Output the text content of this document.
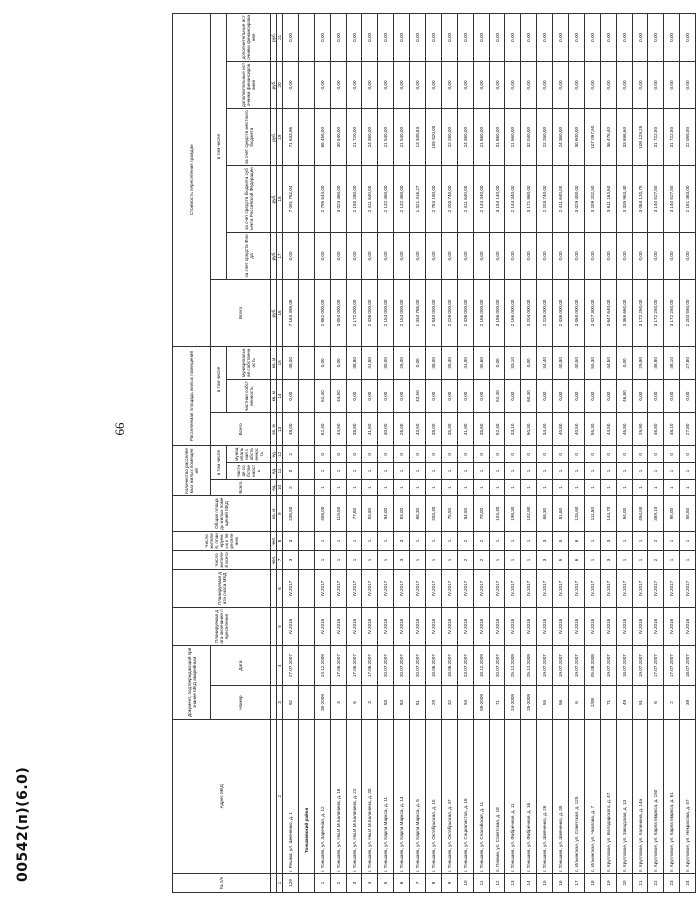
66
00542(п)(6.0)
№ п/п	Адрес МКД	Документ, подтверждающий признание МКД аварийным		Планируемая дата окончания переселения	Планируемая дата сноса МКД	Число жителей всего	Число жителей, планируемых к переселению	Общая площадь жилых помещений МКД	Количество расселяемых жилых помещений			Расселяемая площадь жилых помещений			Стоимость переселения граждан					
		Номер	Дата						Всего	в том числе		Всего	в том числе		Всего	в том числе				
										частная собственность	муниципальная собственность		частная собственность	муниципальная собственность		за счет средств Фонда	за счет средств бюджета субъекта Российской Федерации	за счет средств местного бюджета	дополнительные источники финансирования	дополнительные источники финансирования
						чел.	чел.	кв. м	ед.	ед.	ед.	кв. м	кв. м	кв. м	руб.	руб.	руб.	руб.	руб.	руб.
1	2	3	4	5	6	7	8	9	10	11	12	13	14	15	16	17	18	19	20	21
129	г. Решма, ул. Шевченко, д. 1	92	27.07.2007	IV.2016	IV.2017	3	3	238,50	2	0	2	48,00	0,00	48,00	7 163 399,06	0,00	7 091 762,04	71 633,96	0,00	0,00
	Тоншаевский район																			
1	г. Тоншаев, ул. Заречная, д. 12	35-2009	24.12.2009	IV.2016	IV.2017	1	1	458,00	1	1	0	62,40	62,40	0,00	2 862 000,00	0,00	2 795 544,00	66 456,00	0,00	0,00
2	г. Тоншаев, ул. Нм.И.М.Калинина, д. 16	4	17.06.2007	IV.2016	IV.2017	1	1	119,50	1	1	0	44,50	44,50	0,00	3 054 000,00	0,00	3 023 460,00	30 540,00	0,00	0,00
3	г. Тоншаев, ул. Нм.И.М.Калинина, д. 22	6	17.06.2007	IV.2016	IV.2017	1	1	77,60	1	1	0	38,80	0,00	38,80	2 172 000,00	0,00	2 150 280,00	21 720,00	0,00	0,00
4	г. Тоншаев, ул. Нм.И.М.Калинина, д. 30	3	17.06.2007	IV.2016	IV.2017	1	1	83,80	1	1	0	41,60	0,00	41,60	2 436 000,00	0,00	2 411 640,00	24 360,00	0,00	0,00
5	г. Тоншаев, ул. Карла Маркса, д. 11	83	20.07.2007	IV.2016	IV.2017	1	1	94,00	1	1	0	30,00	0,00	30,00	2 154 000,00	0,00	2 132 460,00	21 540,00	0,00	0,00
6	г. Тоншаев, ул. Карла Маркса, д. 14	84	20.07.2007	IV.2016	IV.2017	3	3	83,00	1	1	0	26,00	0,00	26,00	2 154 000,00	0,00	2 132 460,00	21 540,00	0,00	0,00
7	г. Тоншаев, ул. Карла Маркса, д. 5	81	20.07.2007	IV.2016	IV.2017	1	1	68,30	1	1	0	43,50	43,50	0,00	1 334 765,00	0,00	1 321 416,27	13 348,63	0,00	0,00
8	г. Тоншаев, ул. Октябрьская, д. 15	29	18.06.2007	IV.2016	IV.2017	1	1	333,40	1	1	0	38,00	0,00	38,00	2 940 000,00	0,00	2 784 180,00	155 820,00	0,00	0,00
9	г. Тоншаев, ул. Октябрьская, д. 47	32	18.06.2007	IV.2016	IV.2017	1	1	75,50	1	1	0	35,30	0,00	35,30	2 226 000,00	0,00	2 203 740,00	22 260,00	0,00	0,00
10	г. Тоншаев, ул. Социалистов, д. 16	94	23.07.2007	IV.2016	IV.2017	2	2	84,50	1	1	0	41,90	0,00	41,90	2 436 000,00	0,00	2 411 640,00	24 360,00	0,00	0,00
11	г. Тоншаев, ул. Спасийская, д. 11	09-2009	18.12.2009	IV.2016	IV.2017	2	2	79,00	1	1	0	35,60	0,00	35,60	2 166 000,00	0,00	2 144 340,00	21 660,00	0,00	0,00
12	п. Пижма, ул. Советская, д. 18	71	20.07.2007	IV.2016	IV.2017	1	1	104,40	1	1	0	52,40	52,40	0,00	3 186 000,00	0,00	3 154 140,00	31 860,00	0,00	0,00
13	г. Тоншаев, ул. Фабричная, д. 11	24-2009	25.12.2009	IV.2016	IV.2017	1	1	198,30	1	1	0	33,10	0,00	33,10	2 166 000,00	0,00	2 144 340,00	21 660,00	0,00	0,00
14	г. Тоншаев, ул. Фабричная, д. 16	25-2009	25.12.2009	IV.2016	IV.2017	1	1	102,80	1	1	0	60,30	60,30	0,00	3 204 000,00	0,00	3 171 960,00	32 040,00	0,00	0,00
15	г. Тоншаев, ул. Шевченко, д. 26	55	19.07.2007	IV.2016	IV.2017	3	3	68,30	1	1	0	34,40	0,00	34,40	2 226 000,00	0,00	2 203 740,00	22 260,00	0,00	0,00
16	г. Тоншаев, ул. Шевченко, д. 35	56	19.07.2007	IV.2016	IV.2017	5	5	81,60	1	1	0	40,80	0,00	40,80	2 436 000,00	0,00	2 411 640,00	24 360,00	0,00	0,00
17	с. Ильинское, ул. Советская, д. 125	6	19.07.2007	IV.2016	IV.2017	6	6	125,60	1	1	0	40,50	0,00	40,50	3 060 000,00	0,00	3 029 400,00	30 600,00	0,00	0,00
18	с. Ильинское, ул. Чкалова, д. 7	2/08	05.08.2008	IV.2016	IV.2017	1	1	111,80	1	1	0	55,30	0,00	55,30	3 027 300,00	0,00	3 209 202,50	107 097,50	0,00	0,00
19	п. Кругловое, ул. Володарского, д. 47	71	19.07.2007	IV.2016	IV.2017	3	3	144,70	1	1	0	44,50	0,00	44,50	3 647 640,00	0,00	3 611 163,60	36 476,40	0,00	0,00
20	п. Кругловое, ул. Заводская, д. 13	49	18.07.2007	IV.2016	IV.2017	1	1	94,00	1	1	0	46,80	46,80	0,00	3 369 660,00	0,00	3 335 963,40	33 696,60	0,00	0,00
21	п. Кругловое, ул. Калинина, д. 14а	91	19.07.2007	IV.2016	IV.2017	1	1	494,00	1	1	0	29,90	0,00	29,90	3 172 250,00	0,00	3 064 120,75	108 129,25	0,00	0,00
22	п. Кругловое, ул. Карла Маркса, д. 150	6	17.07.2007	IV.2016	IV.2017	2	2	389,10	1	1	0	46,80	0,00	46,80	3 172 250,00	0,00	3 140 527,50	31 722,50	0,00	0,00
23	п. Кругловое, ул. Карла Маркса, д. 61	2	17.07.2007	IV.2016	IV.2017	1	1	95,00	1	1	0	48,10	0,00	48,10	3 172 250,00	0,00	3 140 527,50	31 722,50	0,00	0,00
24	п. Кругловое, ул. Некрасова, д. 57	39	18.07.2007	IV.2016	IV.2017	1	1	55,50	1	1	0	27,80	0,00	27,80	2 203 550,00	0,00	2 181 463,00	22 055,00	0,00	0,00
